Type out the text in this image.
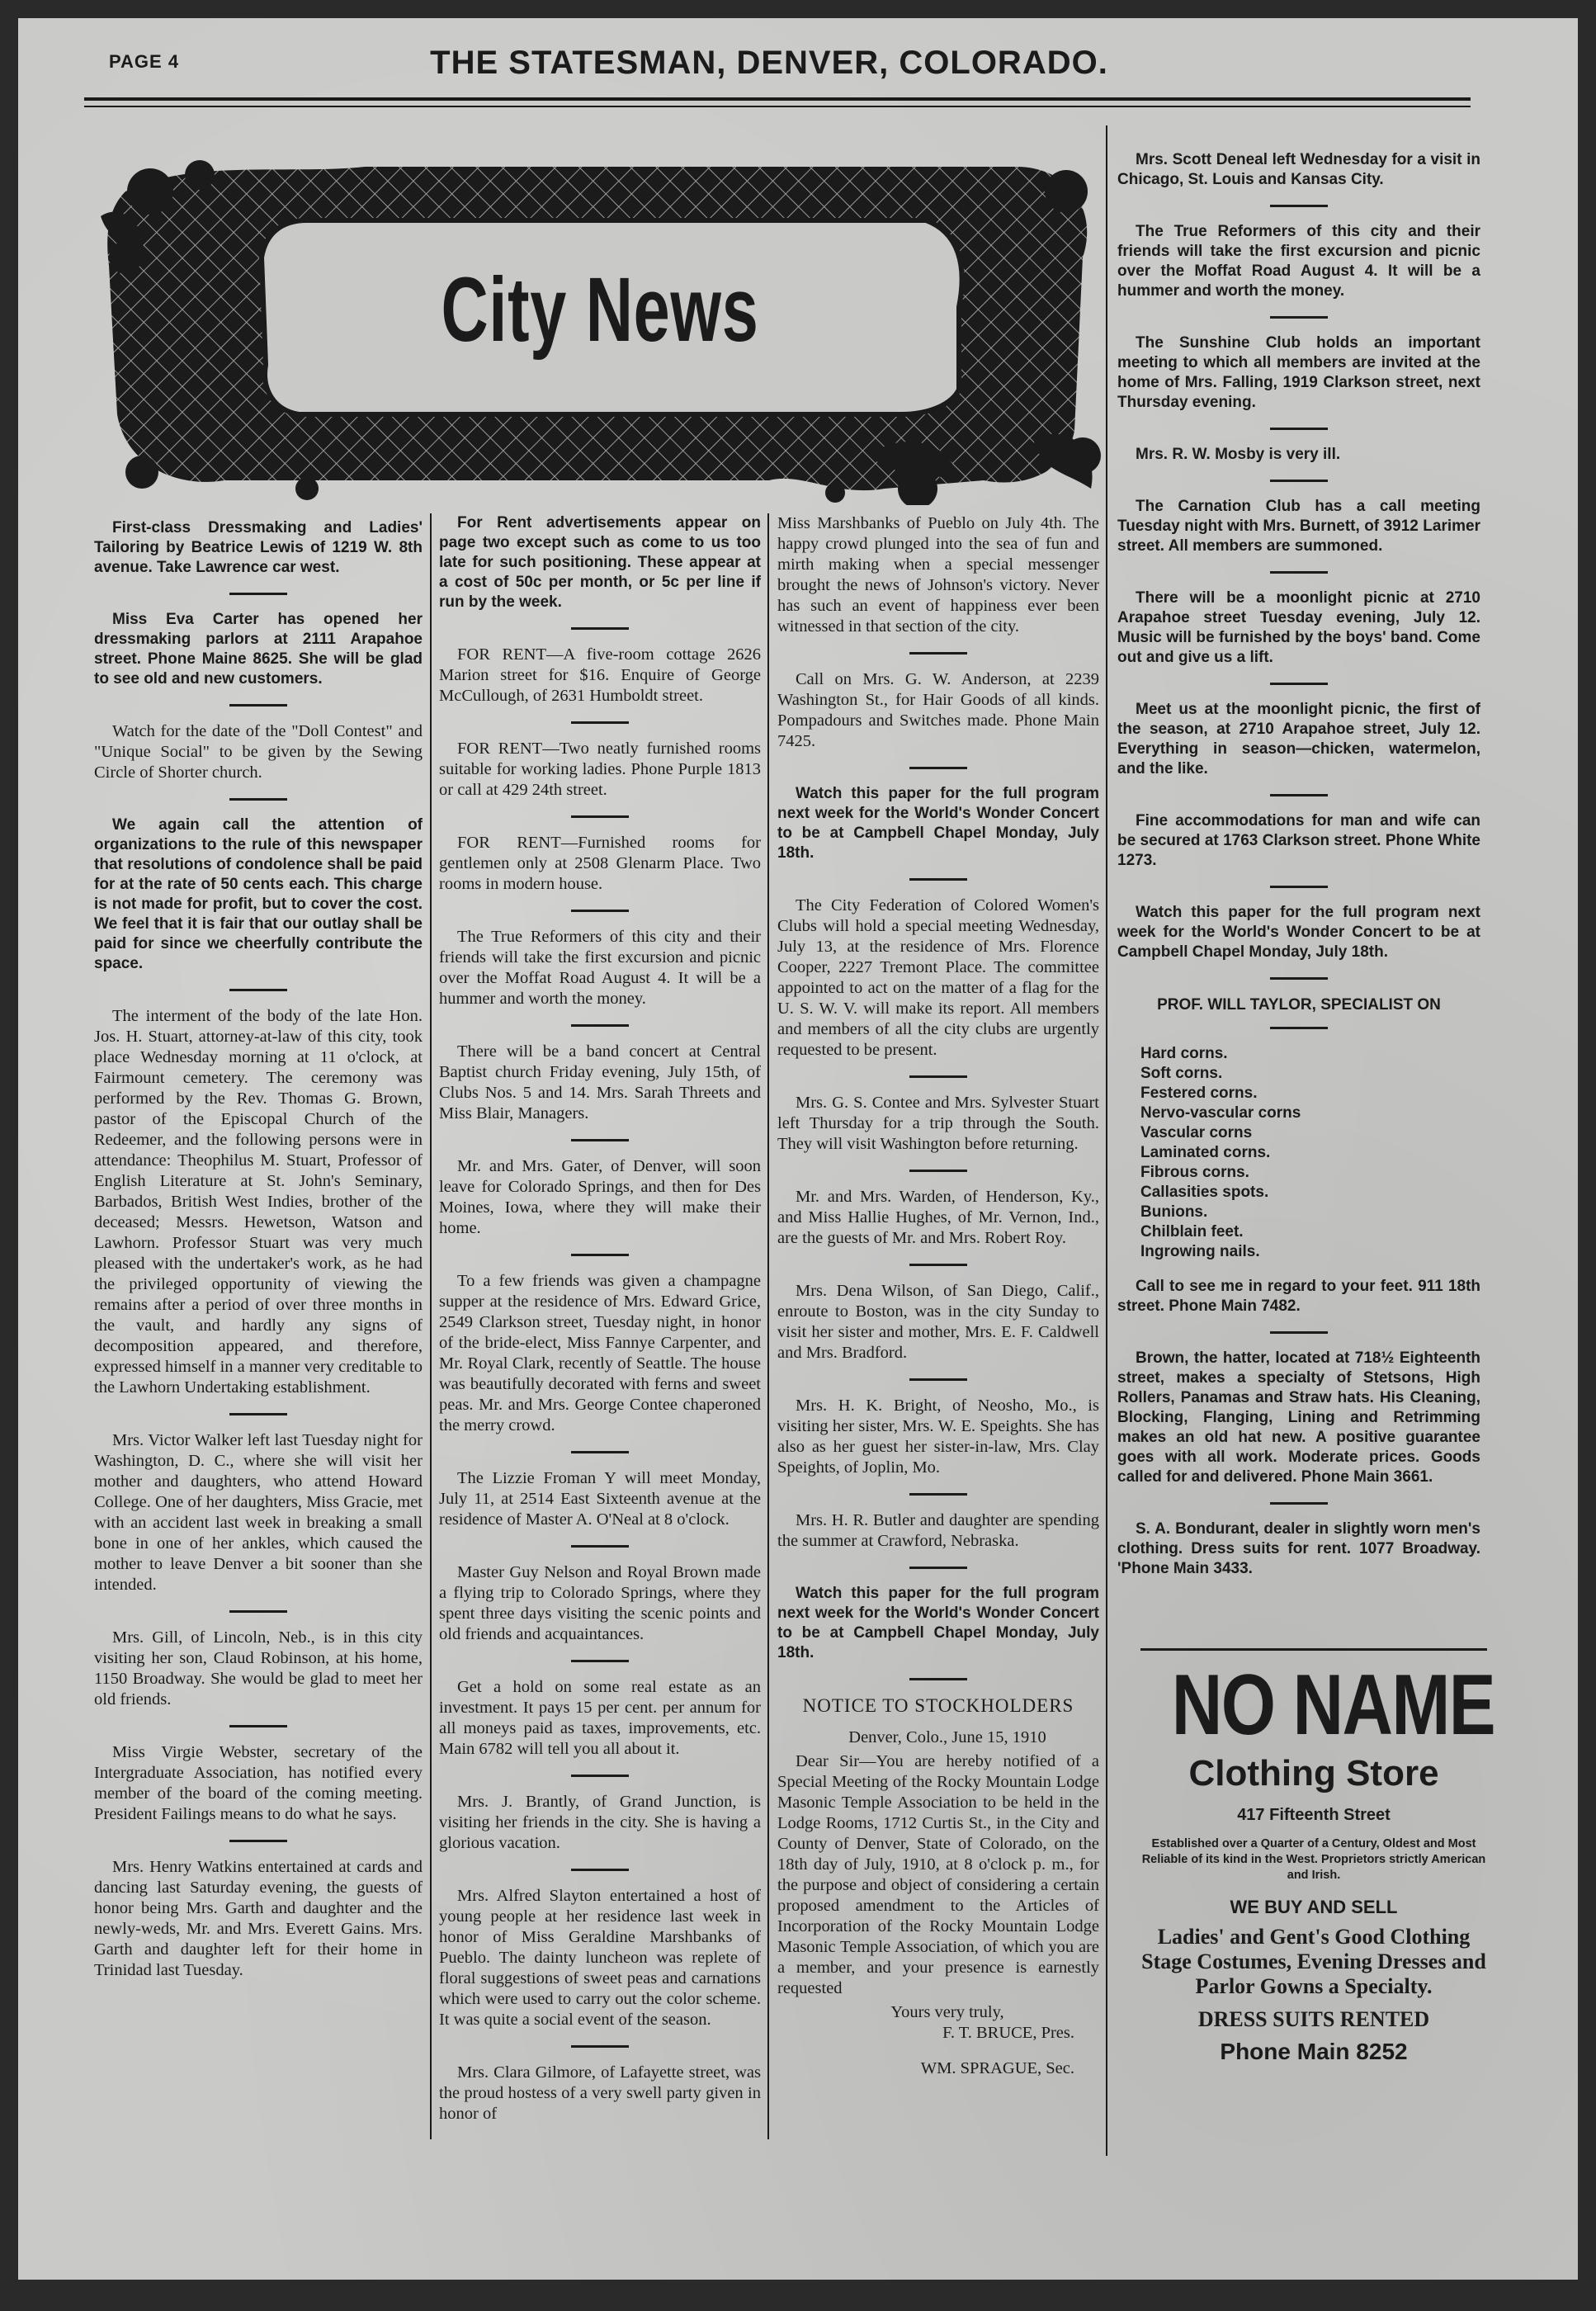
PAGE 4	THE STATESMAN, DENVER, COLORADO.
City News

First-class Dressmaking and Ladies' Tailoring by Beatrice Lewis of 1219 W. 8th avenue. Take Lawrence car west.

Miss Eva Carter has opened her dressmaking parlors at 2111 Arapahoe street. Phone Maine 8625. She will be glad to see old and new customers.

Watch for the date of the "Doll Contest" and "Unique Social" to be given by the Sewing Circle of Shorter church.

We again call the attention of organizations to the rule of this newspaper that resolutions of condolence shall be paid for at the rate of 50 cents each. This charge is not made for profit, but to cover the cost. We feel that it is fair that our outlay shall be paid for since we cheerfully contribute the space.

The interment of the body of the late Hon. Jos. H. Stuart, attorney-at-law of this city, took place Wednesday morning at 11 o'clock, at Fairmount cemetery. The ceremony was performed by the Rev. Thomas G. Brown, pastor of the Episcopal Church of the Redeemer, and the following persons were in attendance: Theophilus M. Stuart, Professor of English Literature at St. John's Seminary, Barbados, British West Indies, brother of the deceased; Messrs. Hewetson, Watson and Lawhorn. Professor Stuart was very much pleased with the undertaker's work, as he had the privileged opportunity of viewing the remains after a period of over three months in the vault, and hardly any signs of decomposition appeared, and therefore, expressed himself in a manner very creditable to the Lawhorn Undertaking establishment.

Mrs. Victor Walker left last Tuesday night for Washington, D. C., where she will visit her mother and daughters, who attend Howard College. One of her daughters, Miss Gracie, met with an accident last week in breaking a small bone in one of her ankles, which caused the mother to leave Denver a bit sooner than she intended.

Mrs. Gill, of Lincoln, Neb., is in this city visiting her son, Claud Robinson, at his home, 1150 Broadway. She would be glad to meet her old friends.

Miss Virgie Webster, secretary of the Intergraduate Association, has notified every member of the board of the coming meeting. President Failings means to do what he says.

Mrs. Henry Watkins entertained at cards and dancing last Saturday evening, the guests of honor being Mrs. Garth and daughter and the newly-weds, Mr. and Mrs. Everett Gains. Mrs. Garth and daughter left for their home in Trinidad last Tuesday.

For Rent advertisements appear on page two except such as come to us too late for such positioning. These appear at a cost of 50c per month, or 5c per line if run by the week.

FOR RENT—A five-room cottage 2626 Marion street for $16. Enquire of George McCullough, of 2631 Humboldt street.

FOR RENT—Two neatly furnished rooms suitable for working ladies. Phone Purple 1813 or call at 429 24th street.

FOR RENT—Furnished rooms for gentlemen only at 2508 Glenarm Place. Two rooms in modern house.

The True Reformers of this city and their friends will take the first excursion and picnic over the Moffat Road August 4. It will be a hummer and worth the money.

There will be a band concert at Central Baptist church Friday evening, July 15th, of Clubs Nos. 5 and 14. Mrs. Sarah Threets and Miss Blair, Managers.

Mr. and Mrs. Gater, of Denver, will soon leave for Colorado Springs, and then for Des Moines, Iowa, where they will make their home.

To a few friends was given a champagne supper at the residence of Mrs. Edward Grice, 2549 Clarkson street, Tuesday night, in honor of the bride-elect, Miss Fannye Carpenter, and Mr. Royal Clark, recently of Seattle. The house was beautifully decorated with ferns and sweet peas. Mr. and Mrs. George Contee chaperoned the merry crowd.

The Lizzie Froman Y will meet Monday, July 11, at 2514 East Sixteenth avenue at the residence of Master A. O'Neal at 8 o'clock.

Master Guy Nelson and Royal Brown made a flying trip to Colorado Springs, where they spent three days visiting the scenic points and old friends and acquaintances.

Get a hold on some real estate as an investment. It pays 15 per cent. per annum for all moneys paid as taxes, improvements, etc. Main 6782 will tell you all about it.

Mrs. J. Brantly, of Grand Junction, is visiting her friends in the city. She is having a glorious vacation.

Mrs. Alfred Slayton entertained a host of young people at her residence last week in honor of Miss Geraldine Marshbanks of Pueblo. The dainty luncheon was replete of floral suggestions of sweet peas and carnations which were used to carry out the color scheme. It was quite a social event of the season.

Mrs. Clara Gilmore, of Lafayette street, was the proud hostess of a very swell party given in honor of

Miss Marshbanks of Pueblo on July 4th. The happy crowd plunged into the sea of fun and mirth making when a special messenger brought the news of Johnson's victory. Never has such an event of happiness ever been witnessed in that section of the city.

Call on Mrs. G. W. Anderson, at 2239 Washington St., for Hair Goods of all kinds. Pompadours and Switches made. Phone Main 7425.

Watch this paper for the full program next week for the World's Wonder Concert to be at Campbell Chapel Monday, July 18th.

The City Federation of Colored Women's Clubs will hold a special meeting Wednesday, July 13, at the residence of Mrs. Florence Cooper, 2227 Tremont Place. The committee appointed to act on the matter of a flag for the U. S. W. V. will make its report. All members and members of all the city clubs are urgently requested to be present.

Mrs. G. S. Contee and Mrs. Sylvester Stuart left Thursday for a trip through the South. They will visit Washington before returning.

Mr. and Mrs. Warden, of Henderson, Ky., and Miss Hallie Hughes, of Mr. Vernon, Ind., are the guests of Mr. and Mrs. Robert Roy.

Mrs. Dena Wilson, of San Diego, Calif., enroute to Boston, was in the city Sunday to visit her sister and mother, Mrs. E. F. Caldwell and Mrs. Bradford.

Mrs. H. K. Bright, of Neosho, Mo., is visiting her sister, Mrs. W. E. Speights. She has also as her guest her sister-in-law, Mrs. Clay Speights, of Joplin, Mo.

Mrs. H. R. Butler and daughter are spending the summer at Crawford, Nebraska.

Watch this paper for the full program next week for the World's Wonder Concert to be at Campbell Chapel Monday, July 18th.

NOTICE TO STOCKHOLDERS

Denver, Colo., June 15, 1910

Dear Sir—You are hereby notified of a Special Meeting of the Rocky Mountain Lodge Masonic Temple Association to be held in the Lodge Rooms, 1712 Curtis St., in the City and County of Denver, State of Colorado, on the 18th day of July, 1910, at 8 o'clock p. m., for the purpose and object of considering a certain proposed amendment to the Articles of Incorporation of the Rocky Mountain Lodge Masonic Temple Association, of which you are a member, and your presence is earnestly requested

Yours very truly,

F. T. BRUCE, Pres.

WM. SPRAGUE, Sec.

Mrs. Scott Deneal left Wednesday for a visit in Chicago, St. Louis and Kansas City.

The True Reformers of this city and their friends will take the first excursion and picnic over the Moffat Road August 4. It will be a hummer and worth the money.

The Sunshine Club holds an important meeting to which all members are invited at the home of Mrs. Falling, 1919 Clarkson street, next Thursday evening.

Mrs. R. W. Mosby is very ill.

The Carnation Club has a call meeting Tuesday night with Mrs. Burnett, of 3912 Larimer street. All members are summoned.

There will be a moonlight picnic at 2710 Arapahoe street Tuesday evening, July 12. Music will be furnished by the boys' band. Come out and give us a lift.

Meet us at the moonlight picnic, the first of the season, at 2710 Arapahoe street, July 12. Everything in season—chicken, watermelon, and the like.

Fine accommodations for man and wife can be secured at 1763 Clarkson street. Phone White 1273.

Watch this paper for the full program next week for the World's Wonder Concert to be at Campbell Chapel Monday, July 18th.

PROF. WILL TAYLOR, SPECIALIST ON
Hard corns.
Soft corns.
Festered corns.
Nervo-vascular corns
Vascular corns
Laminated corns.
Fibrous corns.
Callasities spots.
Bunions.
Chilblain feet.
Ingrowing nails.

Call to see me in regard to your feet. 911 18th street. Phone Main 7482.

Brown, the hatter, located at 718½ Eighteenth street, makes a specialty of Stetsons, High Rollers, Panamas and Straw hats. His Cleaning, Blocking, Flanging, Lining and Retrimming makes an old hat new. A positive guarantee goes with all work. Moderate prices. Goods called for and delivered. Phone Main 3661.

S. A. Bondurant, dealer in slightly worn men's clothing. Dress suits for rent. 1077 Broadway. 'Phone Main 3433.

NO NAME
Clothing Store
417 Fifteenth Street
Established over a Quarter of a Century, Oldest and Most Reliable of its kind in the West. Proprietors strictly American and Irish.
WE BUY AND SELL
Ladies' and Gent's Good Clothing Stage Costumes, Evening Dresses and Parlor Gowns a Specialty.
DRESS SUITS RENTED
Phone Main 8252
